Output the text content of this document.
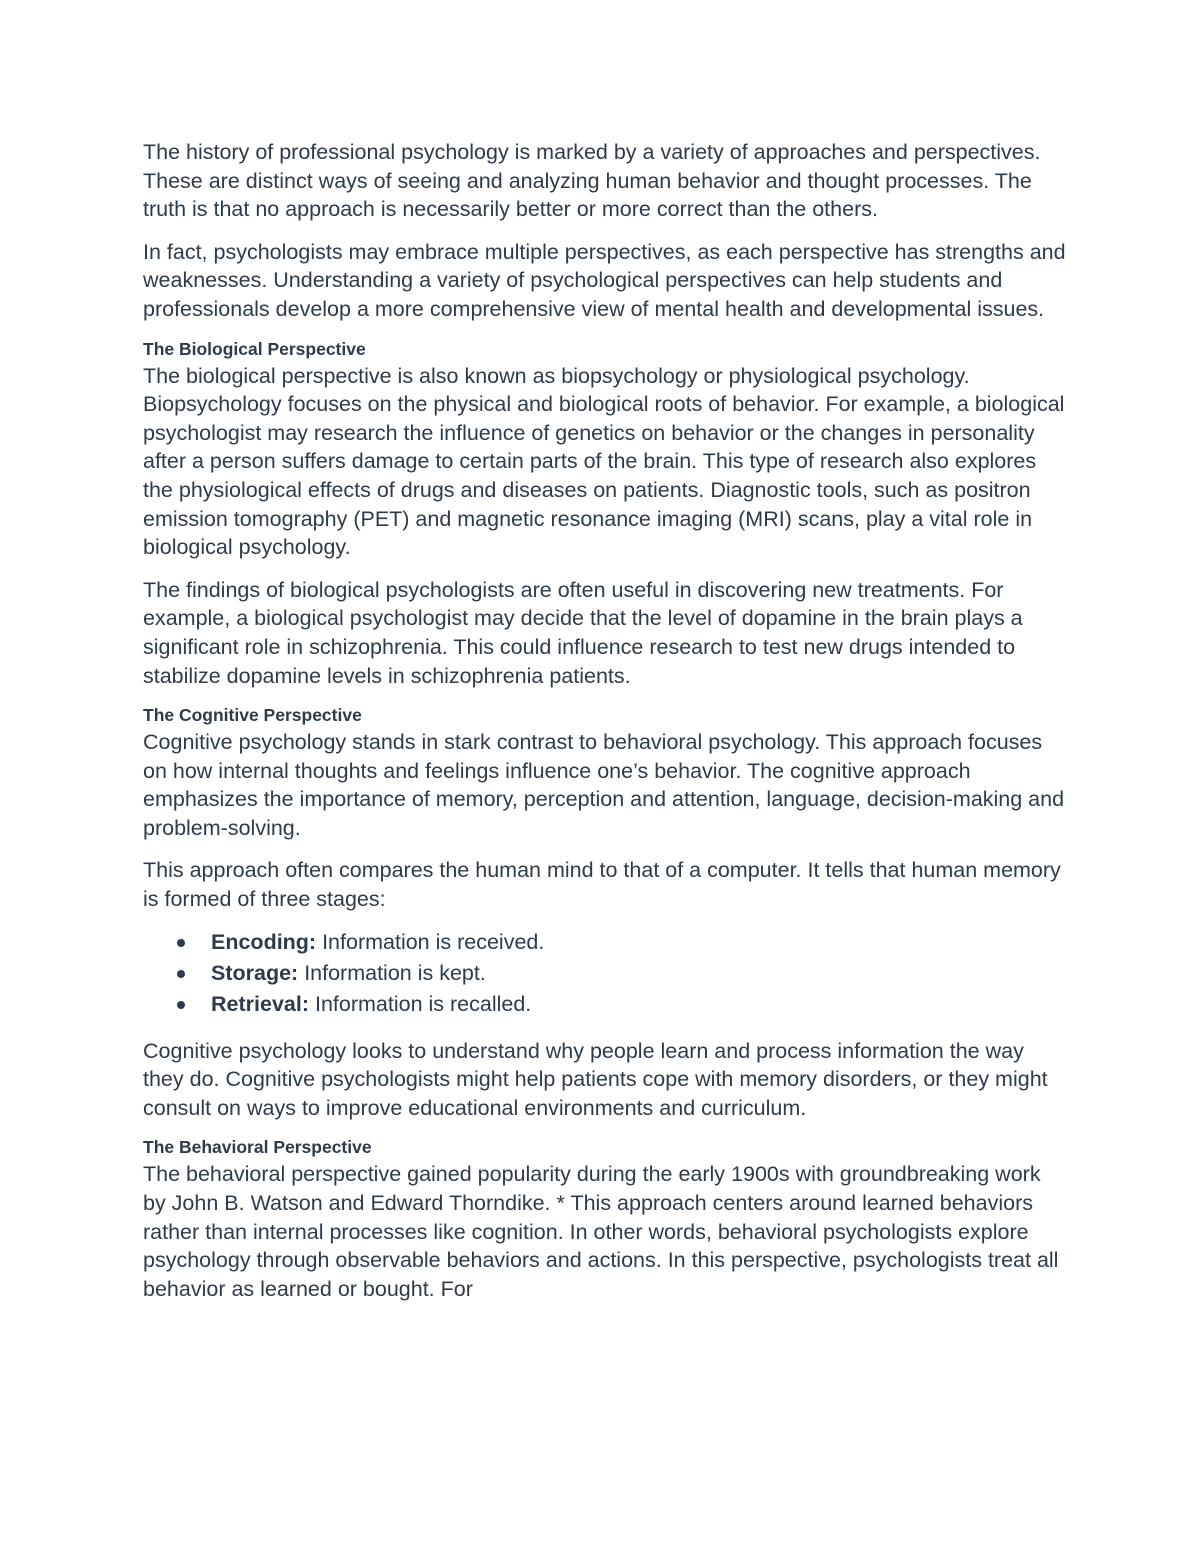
The history of professional psychology is marked by a variety of approaches and perspectives. These are distinct ways of seeing and analyzing human behavior and thought processes. The truth is that no approach is necessarily better or more correct than the others.

In fact, psychologists may embrace multiple perspectives, as each perspective has strengths and weaknesses. Understanding a variety of psychological perspectives can help students and professionals develop a more comprehensive view of mental health and developmental issues.

The Biological Perspective

The biological perspective is also known as biopsychology or physiological psychology. Biopsychology focuses on the physical and biological roots of behavior. For example, a biological psychologist may research the influence of genetics on behavior or the changes in personality after a person suffers damage to certain parts of the brain. This type of research also explores the physiological effects of drugs and diseases on patients. Diagnostic tools, such as positron emission tomography (PET) and magnetic resonance imaging (MRI) scans, play a vital role in biological psychology.

The findings of biological psychologists are often useful in discovering new treatments. For example, a biological psychologist may decide that the level of dopamine in the brain plays a significant role in schizophrenia. This could influence research to test new drugs intended to stabilize dopamine levels in schizophrenia patients.

The Cognitive Perspective

Cognitive psychology stands in stark contrast to behavioral psychology. This approach focuses on how internal thoughts and feelings influence one’s behavior. The cognitive approach emphasizes the importance of memory, perception and attention, language, decision-making and problem-solving.

This approach often compares the human mind to that of a computer. It tells that human memory is formed of three stages:

Encoding: Information is received.
Storage: Information is kept.
Retrieval: Information is recalled.

Cognitive psychology looks to understand why people learn and process information the way they do. Cognitive psychologists might help patients cope with memory disorders, or they might consult on ways to improve educational environments and curriculum.

The Behavioral Perspective

The behavioral perspective gained popularity during the early 1900s with groundbreaking work by John B. Watson and Edward Thorndike. * This approach centers around learned behaviors rather than internal processes like cognition. In other words, behavioral psychologists explore psychology through observable behaviors and actions. In this perspective, psychologists treat all behavior as learned or bought. For
